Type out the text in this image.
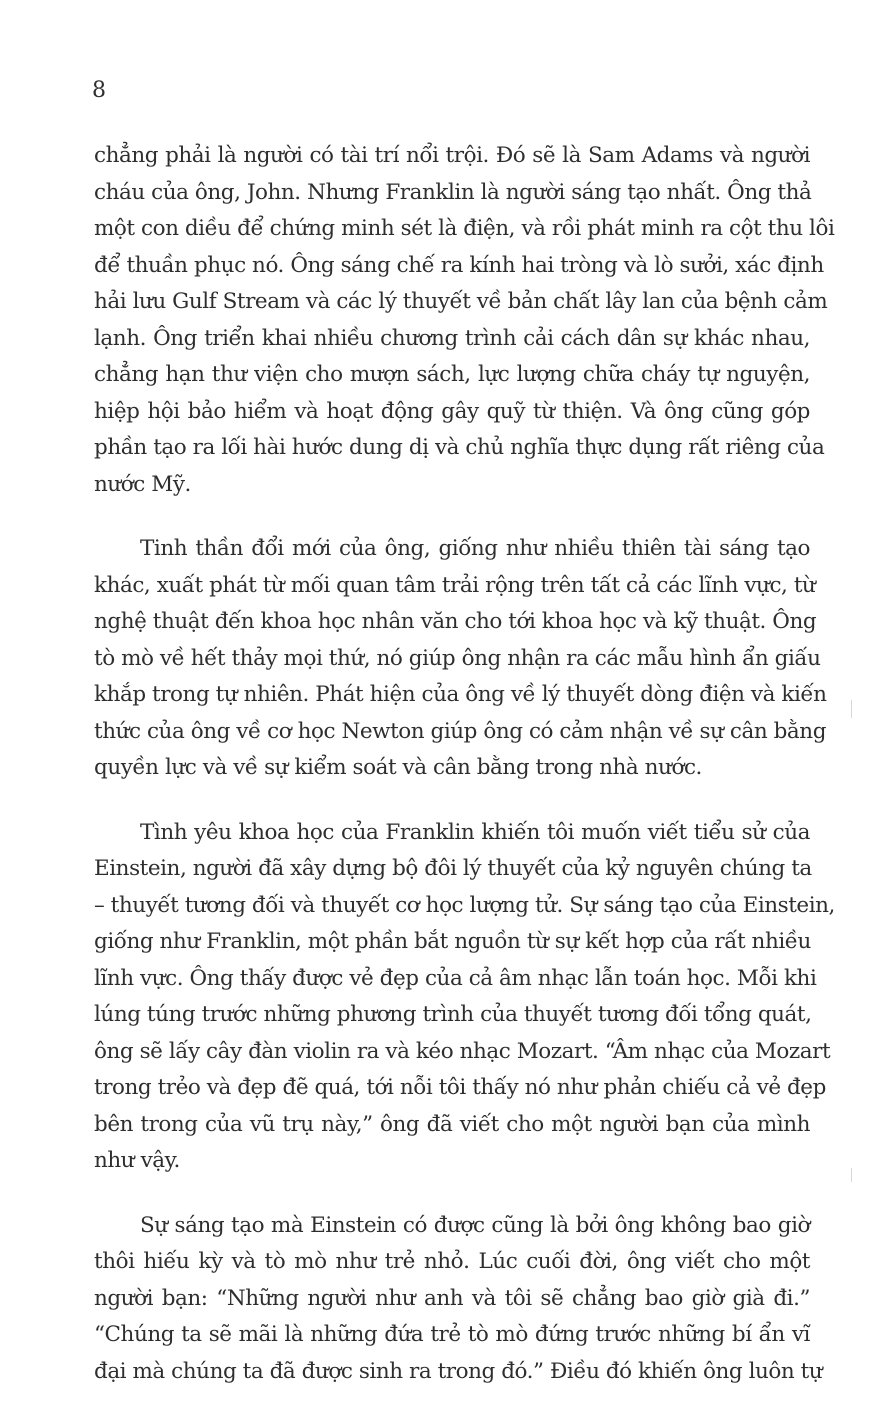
8
chẳng phải là người có tài trí nổi trội. Đó sẽ là Sam Adams và người
cháu của ông, John. Nhưng Franklin là người sáng tạo nhất. Ông thả
một con diều để chứng minh sét là điện, và rồi phát minh ra cột thu lôi
để thuần phục nó. Ông sáng chế ra kính hai tròng và lò sưởi, xác định
hải lưu Gulf Stream và các lý thuyết về bản chất lây lan của bệnh cảm
lạnh. Ông triển khai nhiều chương trình cải cách dân sự khác nhau,
chẳng hạn thư viện cho mượn sách, lực lượng chữa cháy tự nguyện,
hiệp hội bảo hiểm và hoạt động gây quỹ từ thiện. Và ông cũng góp
phần tạo ra lối hài hước dung dị và chủ nghĩa thực dụng rất riêng của
nước Mỹ.
Tinh thần đổi mới của ông, giống như nhiều thiên tài sáng tạo
khác, xuất phát từ mối quan tâm trải rộng trên tất cả các lĩnh vực, từ
nghệ thuật đến khoa học nhân văn cho tới khoa học và kỹ thuật. Ông
tò mò về hết thảy mọi thứ, nó giúp ông nhận ra các mẫu hình ẩn giấu
khắp trong tự nhiên. Phát hiện của ông về lý thuyết dòng điện và kiến
thức của ông về cơ học Newton giúp ông có cảm nhận về sự cân bằng
quyền lực và về sự kiểm soát và cân bằng trong nhà nước.
Tình yêu khoa học của Franklin khiến tôi muốn viết tiểu sử của
Einstein, người đã xây dựng bộ đôi lý thuyết của kỷ nguyên chúng ta
– thuyết tương đối và thuyết cơ học lượng tử. Sự sáng tạo của Einstein,
giống như Franklin, một phần bắt nguồn từ sự kết hợp của rất nhiều
lĩnh vực. Ông thấy được vẻ đẹp của cả âm nhạc lẫn toán học. Mỗi khi
lúng túng trước những phương trình của thuyết tương đối tổng quát,
ông sẽ lấy cây đàn violin ra và kéo nhạc Mozart. “Âm nhạc của Mozart
trong trẻo và đẹp đẽ quá, tới nỗi tôi thấy nó như phản chiếu cả vẻ đẹp
bên trong của vũ trụ này,” ông đã viết cho một người bạn của mình
như vậy.
Sự sáng tạo mà Einstein có được cũng là bởi ông không bao giờ
thôi hiếu kỳ và tò mò như trẻ nhỏ. Lúc cuối đời, ông viết cho một
người bạn: “Những người như anh và tôi sẽ chẳng bao giờ già đi.”
“Chúng ta sẽ mãi là những đứa trẻ tò mò đứng trước những bí ẩn vĩ
đại mà chúng ta đã được sinh ra trong đó.” Điều đó khiến ông luôn tự
